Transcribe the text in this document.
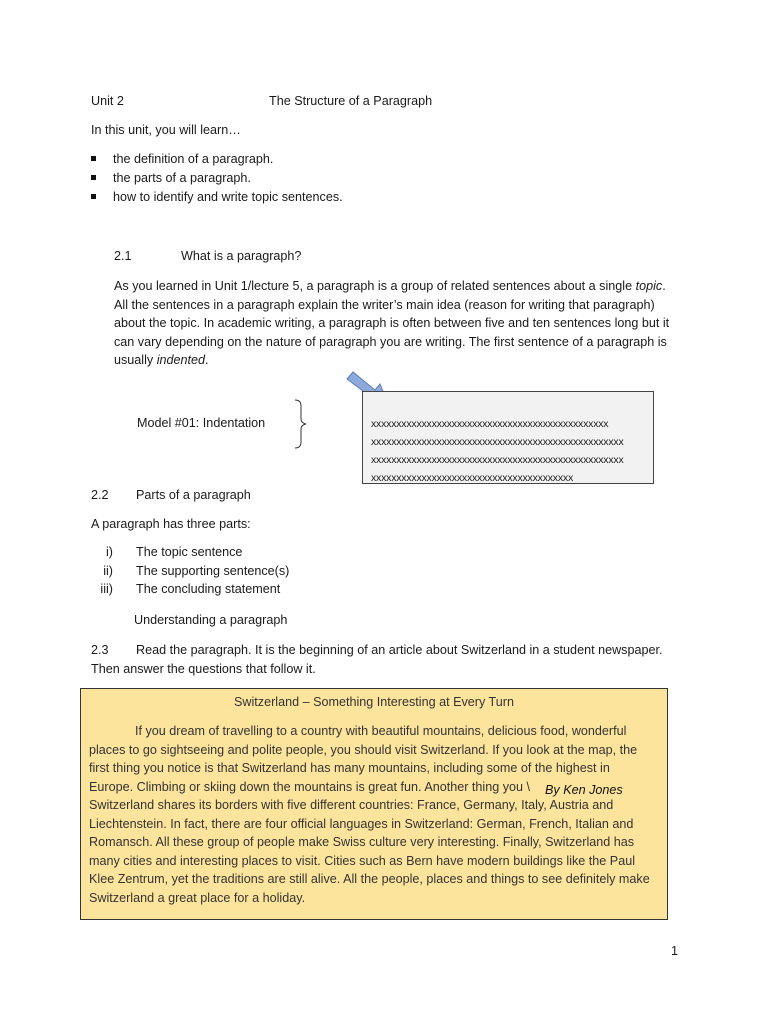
Unit 2	The Structure of a Paragraph
In this unit, you will learn…
the definition of a paragraph.
the parts of a paragraph.
how to identify and write topic sentences.
2.1	What is a paragraph?
As you learned in Unit 1/lecture 5, a paragraph is a group of related sentences about a single topic.
All the sentences in a paragraph explain the writer’s main idea (reason for writing that paragraph)
about the topic. In academic writing, a paragraph is often between five and ten sentences long but it
can vary depending on the nature of paragraph you are writing. The first sentence of a paragraph is
usually indented.
Model #01: Indentation	xxxxxxxxxxxxxxxxxxxxxxxxxxxxxxxxxxxxxxxxxxxxxxx
xxxxxxxxxxxxxxxxxxxxxxxxxxxxxxxxxxxxxxxxxxxxxxxxxx
xxxxxxxxxxxxxxxxxxxxxxxxxxxxxxxxxxxxxxxxxxxxxxxxxx
xxxxxxxxxxxxxxxxxxxxxxxxxxxxxxxxxxxxxxxx
2.2 Parts of a paragraph
A paragraph has three parts:
i) The topic sentence
ii) The supporting sentence(s)
iii) The concluding statement
Understanding a paragraph
2.3 Read the paragraph. It is the beginning of an article about Switzerland in a student newspaper.
Then answer the questions that follow it.
Switzerland – Something Interesting at Every Turn
If you dream of travelling to a country with beautiful mountains, delicious food, wonderful
places to go sightseeing and polite people, you should visit Switzerland. If you look at the map, the
first thing you notice is that Switzerland has many mountains, including some of the highest in
Europe. Climbing or skiing down the mountains is great fun. Another thing you \ By Ken Jones
Switzerland shares its borders with five different countries: France, Germany, Italy, Austria and
Liechtenstein. In fact, there are four official languages in Switzerland: German, French, Italian and
Romansch. All these group of people make Swiss culture very interesting. Finally, Switzerland has
many cities and interesting places to visit. Cities such as Bern have modern buildings like the Paul
Klee Zentrum, yet the traditions are still alive. All the people, places and things to see definitely make
Switzerland a great place for a holiday.
1
